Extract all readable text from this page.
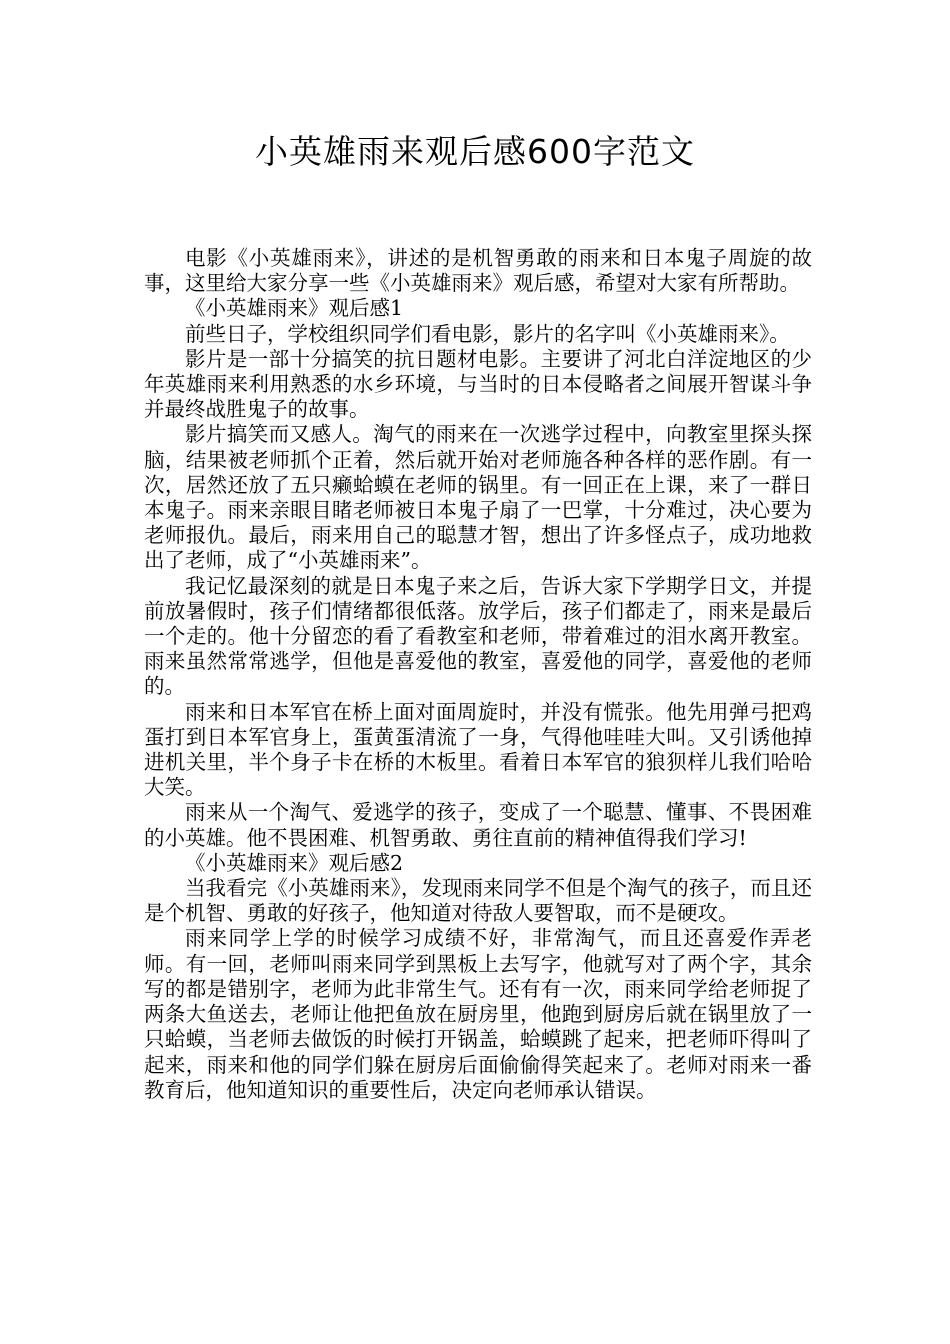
小英雄雨来观后感600字范文

电影《小英雄雨来》，讲述的是机智勇敢的雨来和日本鬼子周旋的故事，这里给大家分享一些《小英雄雨来》观后感，希望对大家有所帮助。

《小英雄雨来》观后感1

前些日子，学校组织同学们看电影，影片的名字叫《小英雄雨来》。

影片是一部十分搞笑的抗日题材电影。主要讲了河北白洋淀地区的少年英雄雨来利用熟悉的水乡环境，与当时的日本侵略者之间展开智谋斗争并最终战胜鬼子的故事。

影片搞笑而又感人。淘气的雨来在一次逃学过程中，向教室里探头探脑，结果被老师抓个正着，然后就开始对老师施各种各样的恶作剧。有一次，居然还放了五只癞蛤蟆在老师的锅里。有一回正在上课，来了一群日本鬼子。雨来亲眼目睹老师被日本鬼子扇了一巴掌，十分难过，决心要为老师报仇。最后，雨来用自己的聪慧才智，想出了许多怪点子，成功地救出了老师，成了“小英雄雨来”。

我记忆最深刻的就是日本鬼子来之后，告诉大家下学期学日文，并提前放暑假时，孩子们情绪都很低落。放学后，孩子们都走了，雨来是最后一个走的。他十分留恋的看了看教室和老师，带着难过的泪水离开教室。雨来虽然常常逃学，但他是喜爱他的教室，喜爱他的同学，喜爱他的老师的。

雨来和日本军官在桥上面对面周旋时，并没有慌张。他先用弹弓把鸡蛋打到日本军官身上，蛋黄蛋清流了一身，气得他哇哇大叫。又引诱他掉进机关里，半个身子卡在桥的木板里。看着日本军官的狼狈样儿我们哈哈大笑。

雨来从一个淘气、爱逃学的孩子，变成了一个聪慧、懂事、不畏困难的小英雄。他不畏困难、机智勇敢、勇往直前的精神值得我们学习!

《小英雄雨来》观后感2

当我看完《小英雄雨来》，发现雨来同学不但是个淘气的孩子，而且还是个机智、勇敢的好孩子，他知道对待敌人要智取，而不是硬攻。

雨来同学上学的时候学习成绩不好，非常淘气，而且还喜爱作弄老师。有一回，老师叫雨来同学到黑板上去写字，他就写对了两个字，其余写的都是错别字，老师为此非常生气。还有有一次，雨来同学给老师捉了两条大鱼送去，老师让他把鱼放在厨房里，他跑到厨房后就在锅里放了一只蛤蟆，当老师去做饭的时候打开锅盖，蛤蟆跳了起来，把老师吓得叫了起来，雨来和他的同学们躲在厨房后面偷偷得笑起来了。老师对雨来一番教育后，他知道知识的重要性后，决定向老师承认错误。
